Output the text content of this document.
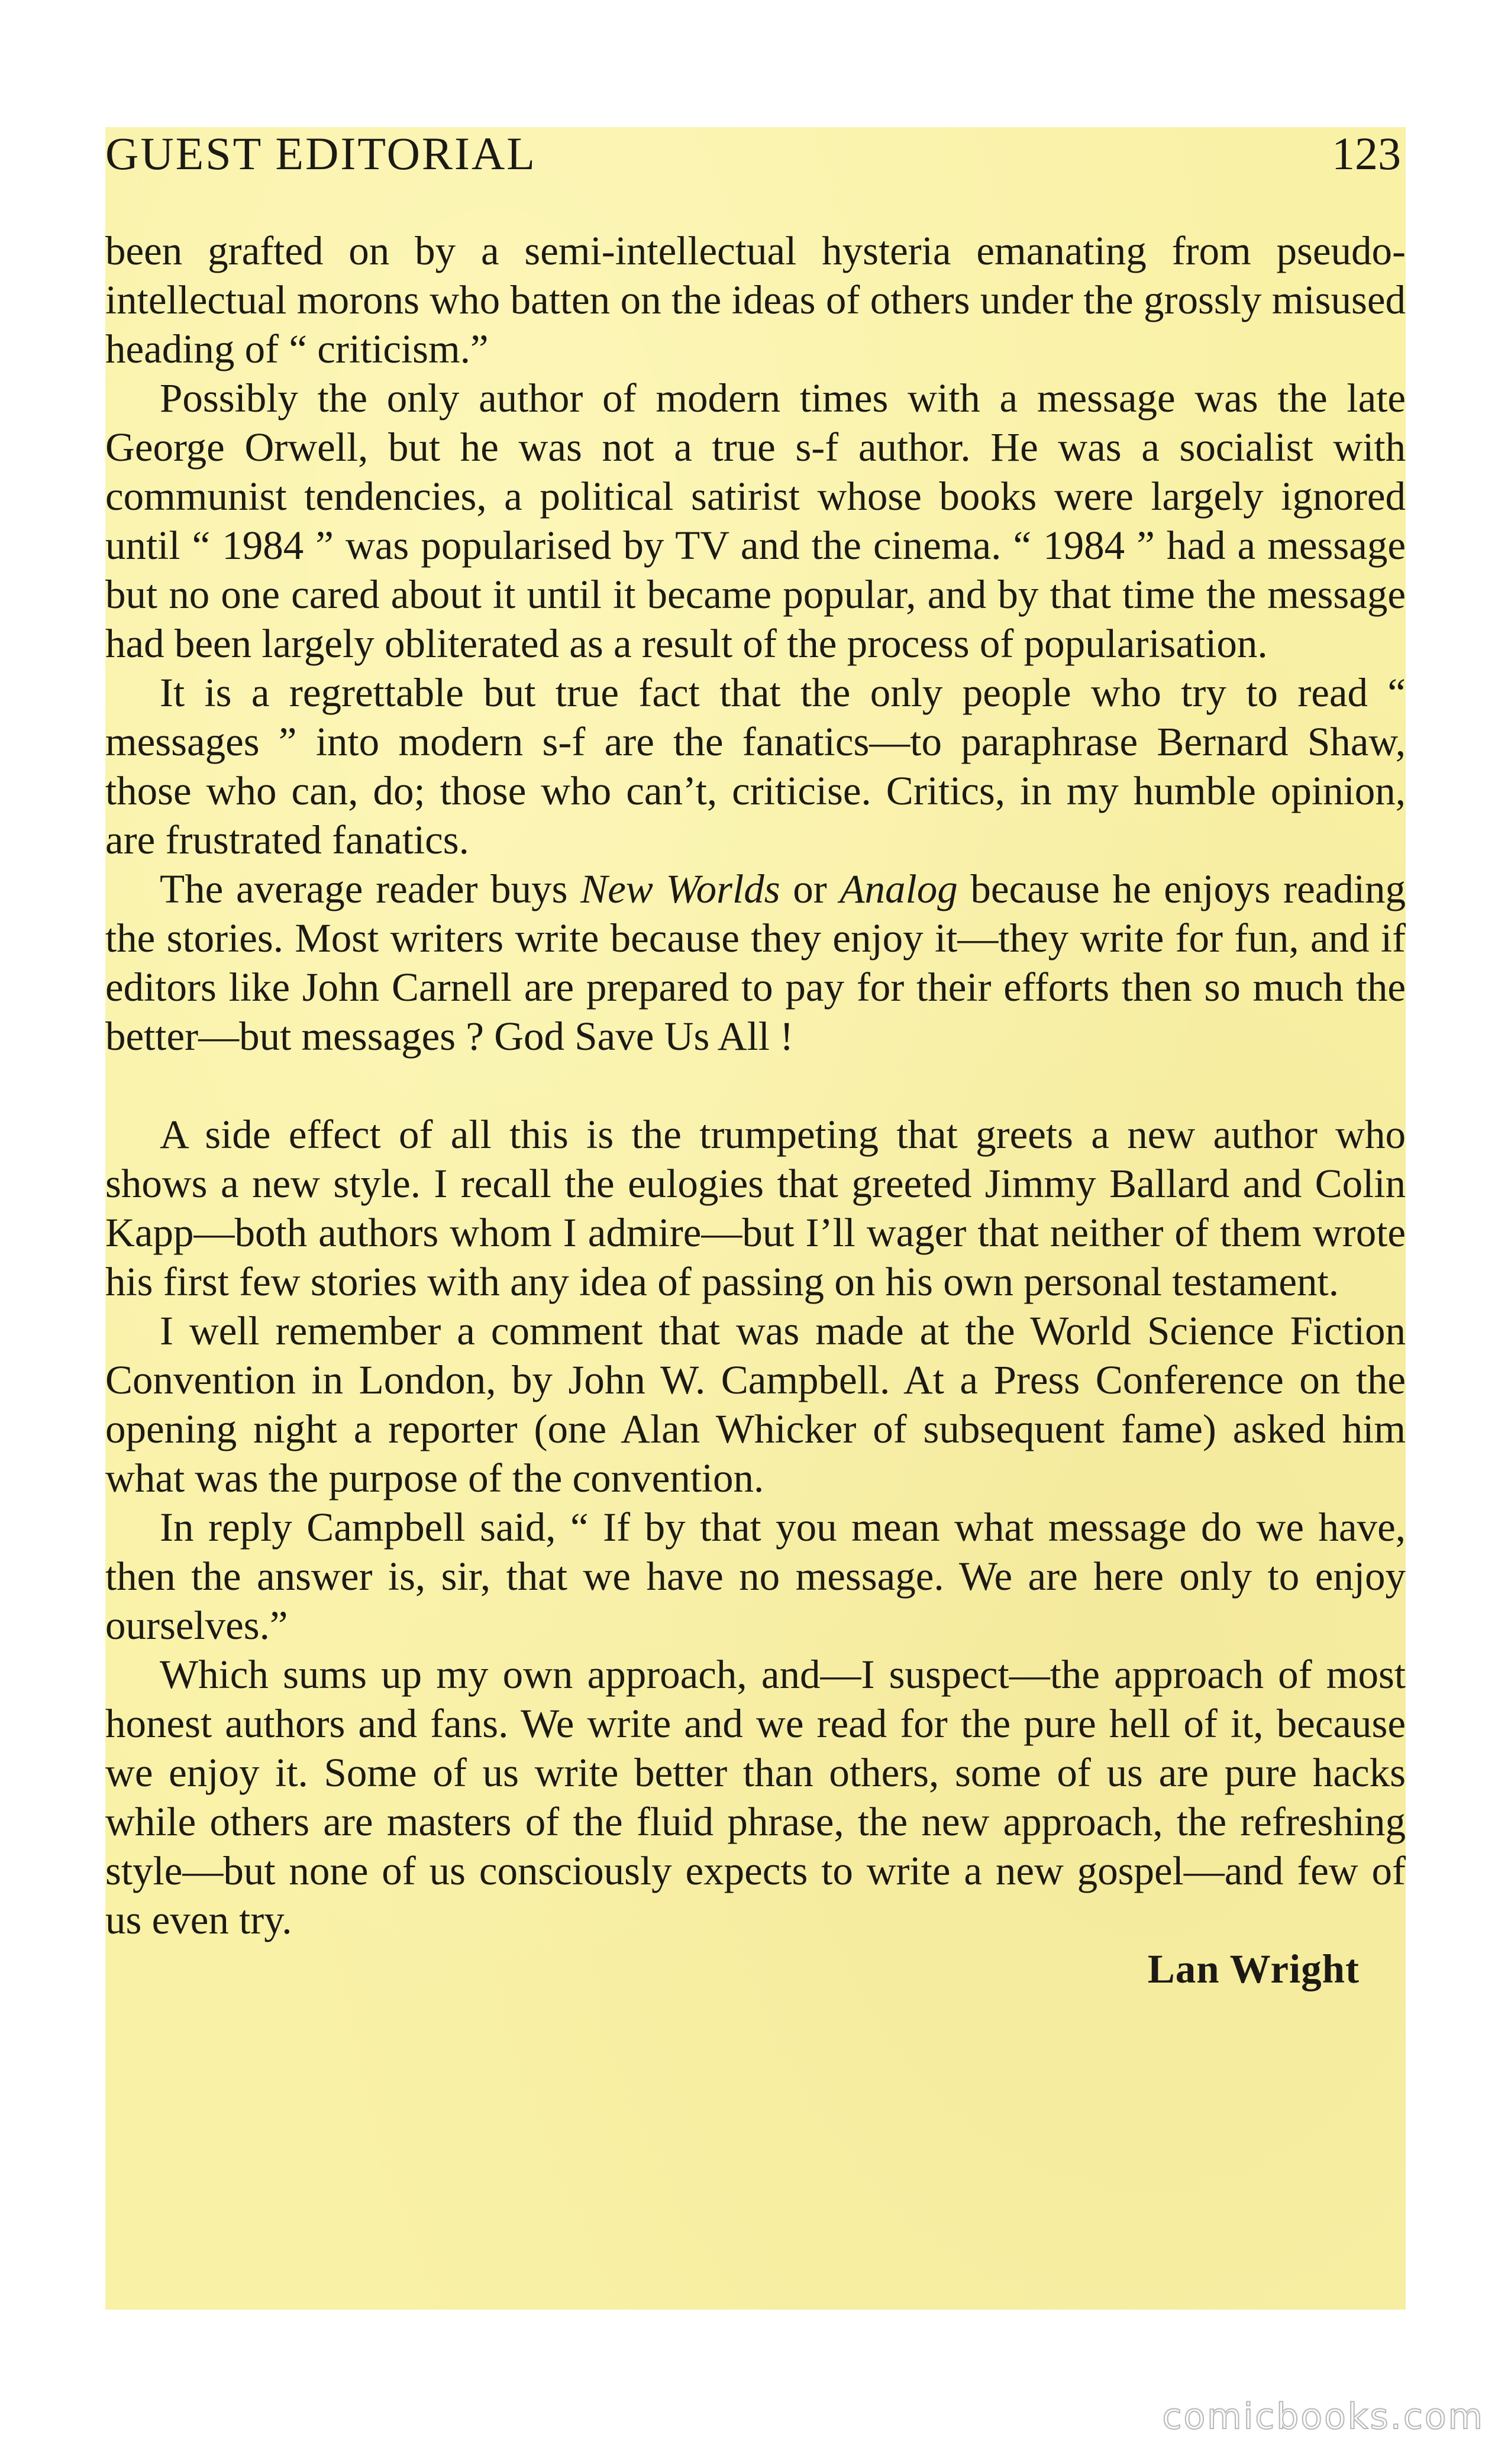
GUEST EDITORIAL	123

been grafted on by a semi-intellectual hysteria emanating from pseudo-intellectual morons who batten on the ideas of others under the grossly misused heading of “ criticism.”

Possibly the only author of modern times with a message was the late George Orwell, but he was not a true s-f author. He was a socialist with communist tendencies, a political satirist whose books were largely ignored until “ 1984 ” was popularised by TV and the cinema. “ 1984 ” had a message but no one cared about it until it became popular, and by that time the message had been largely obliterated as a result of the process of popularisation.

It is a regrettable but true fact that the only people who try to read “ messages ” into modern s-f are the fanatics—to paraphrase Bernard Shaw, those who can, do; those who can’t, criticise. Critics, in my humble opinion, are frustrated fanatics.

The average reader buys New Worlds or Analog because he enjoys reading the stories. Most writers write because they enjoy it—they write for fun, and if editors like John Carnell are prepared to pay for their efforts then so much the better—but messages ? God Save Us All !

A side effect of all this is the trumpeting that greets a new author who shows a new style. I recall the eulogies that greeted Jimmy Ballard and Colin Kapp—both authors whom I admire—but I’ll wager that neither of them wrote his first few stories with any idea of passing on his own personal testament.

I well remember a comment that was made at the World Science Fiction Convention in London, by John W. Campbell. At a Press Conference on the opening night a reporter (one Alan Whicker of subsequent fame) asked him what was the purpose of the convention.

In reply Campbell said, “ If by that you mean what message do we have, then the answer is, sir, that we have no message. We are here only to enjoy ourselves.”

Which sums up my own approach, and—I suspect—the approach of most honest authors and fans. We write and we read for the pure hell of it, because we enjoy it. Some of us write better than others, some of us are pure hacks while others are masters of the fluid phrase, the new approach, the refreshing style—but none of us consciously expects to write a new gospel—and few of us even try.

Lan Wright

comicbooks.com
